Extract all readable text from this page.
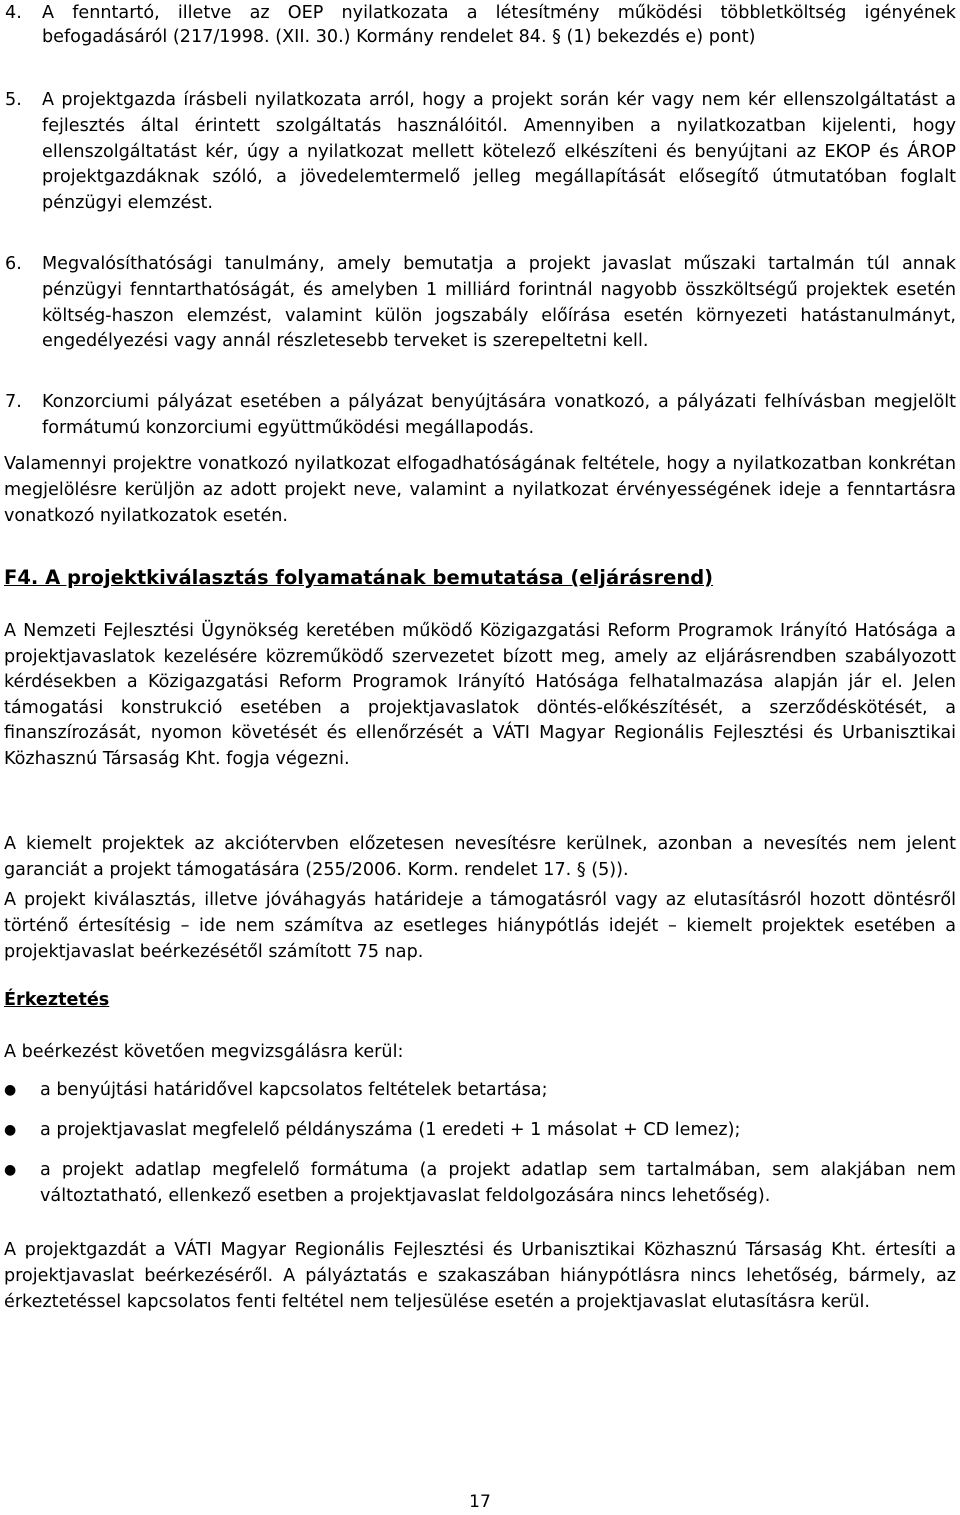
4.	A fenntartó, illetve az OEP nyilatkozata a létesítmény működési többletköltség igényének befogadásáról (217/1998. (XII. 30.) Kormány rendelet 84. § (1) bekezdés e) pont)
5.	A projektgazda írásbeli nyilatkozata arról, hogy a projekt során kér vagy nem kér ellenszolgáltatást a fejlesztés által érintett szolgáltatás használóitól. Amennyiben a nyilatkozatban kijelenti, hogy ellenszolgáltatást kér, úgy a nyilatkozat mellett kötelező elkészíteni és benyújtani az EKOP és ÁROP projektgazdáknak szóló, a jövedelemtermelő jelleg megállapítását elősegítő útmutatóban foglalt pénzügyi elemzést.
6.	Megvalósíthatósági tanulmány, amely bemutatja a projekt javaslat műszaki tartalmán túl annak pénzügyi fenntarthatóságát, és amelyben 1 milliárd forintnál nagyobb összköltségű projektek esetén költség-haszon elemzést, valamint külön jogszabály előírása esetén környezeti hatástanulmányt, engedélyezési vagy annál részletesebb terveket is szerepeltetni kell.
7.	Konzorciumi pályázat esetében a pályázat benyújtására vonatkozó, a pályázati felhívásban megjelölt formátumú konzorciumi együttműködési megállapodás.

Valamennyi projektre vonatkozó nyilatkozat elfogadhatóságának feltétele, hogy a nyilatkozatban konkrétan megjelölésre kerüljön az adott projekt neve, valamint a nyilatkozat érvényességének ideje a fenntartásra vonatkozó nyilatkozatok esetén.

F4. A projektkiválasztás folyamatának bemutatása (eljárásrend)

A Nemzeti Fejlesztési Ügynökség keretében működő Közigazgatási Reform Programok Irányító Hatósága a projektjavaslatok kezelésére közreműködő szervezetet bízott meg, amely az eljárásrendben szabályozott kérdésekben a Közigazgatási Reform Programok Irányító Hatósága felhatalmazása alapján jár el. Jelen támogatási konstrukció esetében a projektjavaslatok döntés-előkészítését, a szerződéskötését, a finanszírozását, nyomon követését és ellenőrzését a VÁTI Magyar Regionális Fejlesztési és Urbanisztikai Közhasznú Társaság Kht. fogja végezni.

A kiemelt projektek az akciótervben előzetesen nevesítésre kerülnek, azonban a nevesítés nem jelent garanciát a projekt támogatására (255/2006. Korm. rendelet 17. § (5)).

A projekt kiválasztás, illetve jóváhagyás határideje a támogatásról vagy az elutasításról hozott döntésről történő értesítésig – ide nem számítva az esetleges hiánypótlás idejét – kiemelt projektek esetében a projektjavaslat beérkezésétől számított 75 nap.

Érkeztetés

A beérkezést követően megvizsgálásra kerül:

●	a benyújtási határidővel kapcsolatos feltételek betartása;
●	a projektjavaslat megfelelő példányszáma (1 eredeti + 1 másolat + CD lemez);
●	a projekt adatlap megfelelő formátuma (a projekt adatlap sem tartalmában, sem alakjában nem változtatható, ellenkező esetben a projektjavaslat feldolgozására nincs lehetőség).

A projektgazdát a VÁTI Magyar Regionális Fejlesztési és Urbanisztikai Közhasznú Társaság Kht. értesíti a projektjavaslat beérkezéséről. A pályáztatás e szakaszában hiánypótlásra nincs lehetőség, bármely, az érkeztetéssel kapcsolatos fenti feltétel nem teljesülése esetén a projektjavaslat elutasításra kerül.

17
